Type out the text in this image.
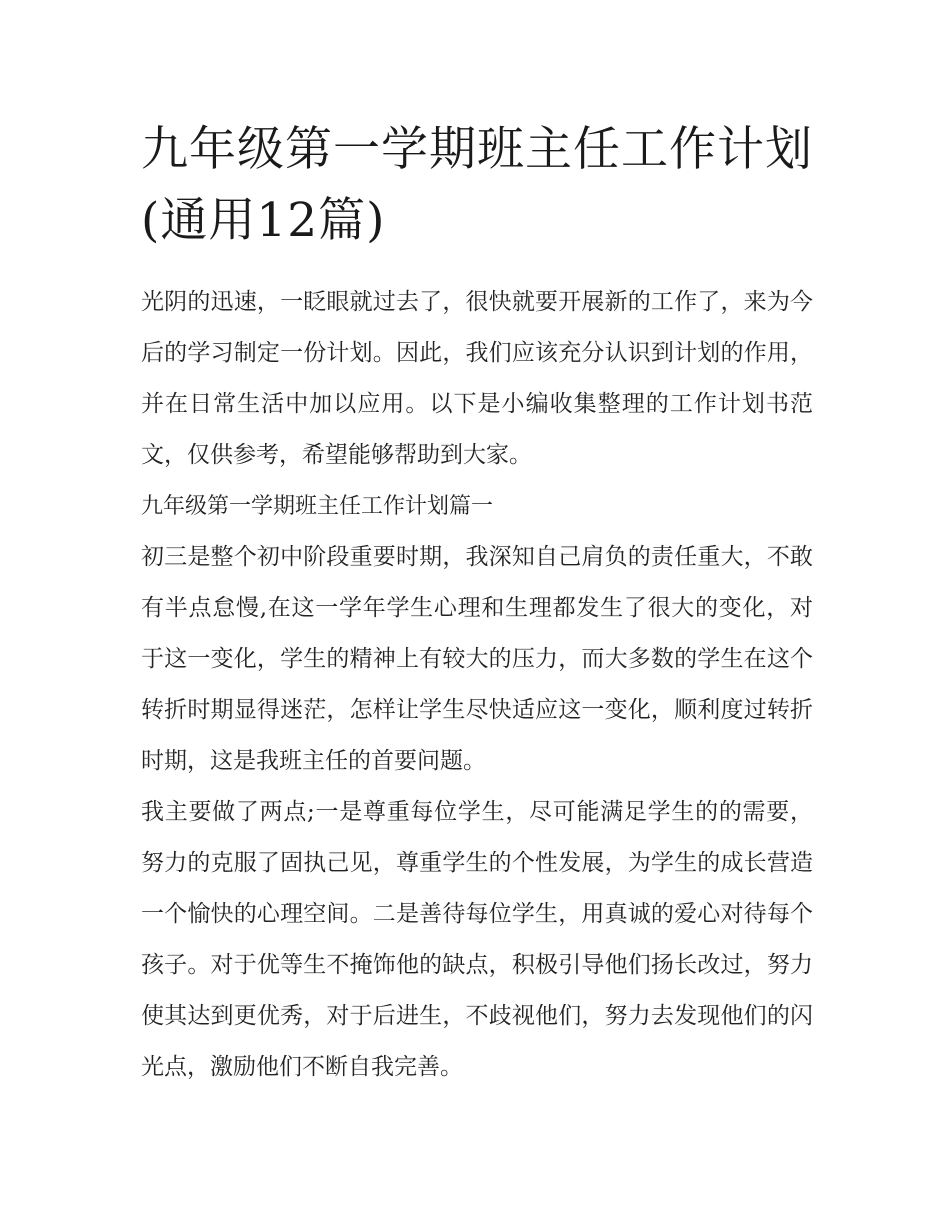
九年级第一学期班主任工作计划(通用12篇)

光阴的迅速，一眨眼就过去了，很快就要开展新的工作了，来为今后的学习制定一份计划。因此，我们应该充分认识到计划的作用，并在日常生活中加以应用。以下是小编收集整理的工作计划书范文，仅供参考，希望能够帮助到大家。

九年级第一学期班主任工作计划篇一

初三是整个初中阶段重要时期，我深知自己肩负的责任重大，不敢有半点怠慢,在这一学年学生心理和生理都发生了很大的变化，对于这一变化，学生的精神上有较大的压力，而大多数的学生在这个转折时期显得迷茫，怎样让学生尽快适应这一变化，顺利度过转折时期，这是我班主任的首要问题。

我主要做了两点;一是尊重每位学生，尽可能满足学生的的需要，努力的克服了固执己见，尊重学生的个性发展，为学生的成长营造一个愉快的心理空间。二是善待每位学生，用真诚的爱心对待每个孩子。对于优等生不掩饰他的缺点，积极引导他们扬长改过，努力使其达到更优秀，对于后进生，不歧视他们，努力去发现他们的闪光点，激励他们不断自我完善。
